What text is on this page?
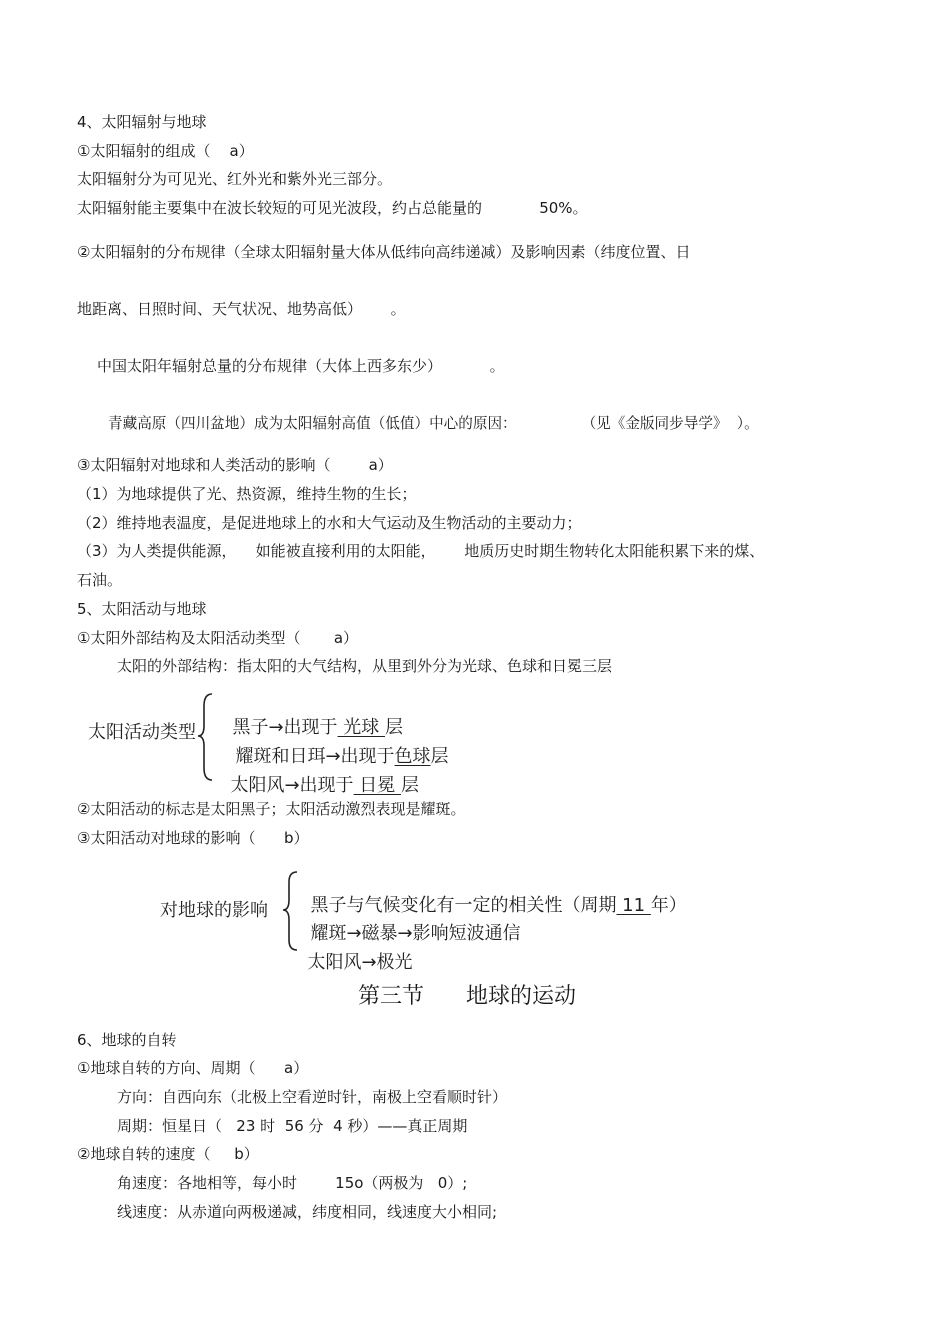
4、太阳辐射与地球
①太阳辐射的组成（    a）
太阳辐射分为可见光、红外光和紫外光三部分。
太阳辐射能主要集中在波长较短的可见光波段，约占总能量的            50%。
②太阳辐射的分布规律（全球太阳辐射量大体从低纬向高纬递减）及影响因素（纬度位置、日
地距离、日照时间、天气状况、地势高低）      。
中国太阳年辐射总量的分布规律（大体上西多东少）          。
青藏高原（四川盆地）成为太阳辐射高值（低值）中心的原因：              （见《金版同步导学》  ）。
③太阳辐射对地球和人类活动的影响（        a）
（1）为地球提供了光、热资源，维持生物的生长；
（2）维持地表温度，是促进地球上的水和大气运动及生物活动的主要动力；
（3）为人类提供能源，    如能被直接利用的太阳能，      地质历史时期生物转化太阳能积累下来的煤、
石油。
5、太阳活动与地球
①太阳外部结构及太阳活动类型（       a）
太阳的外部结构：指太阳的大气结构，从里到外分为光球、色球和日冕三层
太阳活动类型	黑子→出现于 光球 层

耀斑和日珥→出现于色球层

太阳风→出现于 日冕 层

②太阳活动的标志是太阳黑子；太阳活动激烈表现是耀斑。
③太阳活动对地球的影响（      b）
对地球的影响	黑子与气候变化有一定的相关性（周期 11 年）

耀斑→磁暴→影响短波通信

太阳风→极光

第三节      地球的运动
6、地球的自转
①地球自转的方向、周期（      a）
方向：自西向东（北极上空看逆时针，南极上空看顺时针）
周期：恒星日（   23 时  56 分  4 秒）——真正周期
②地球自转的速度（     b）
角速度：各地相等，每小时        15o（两极为   0）;
线速度：从赤道向两极递减，纬度相同，线速度大小相同;
